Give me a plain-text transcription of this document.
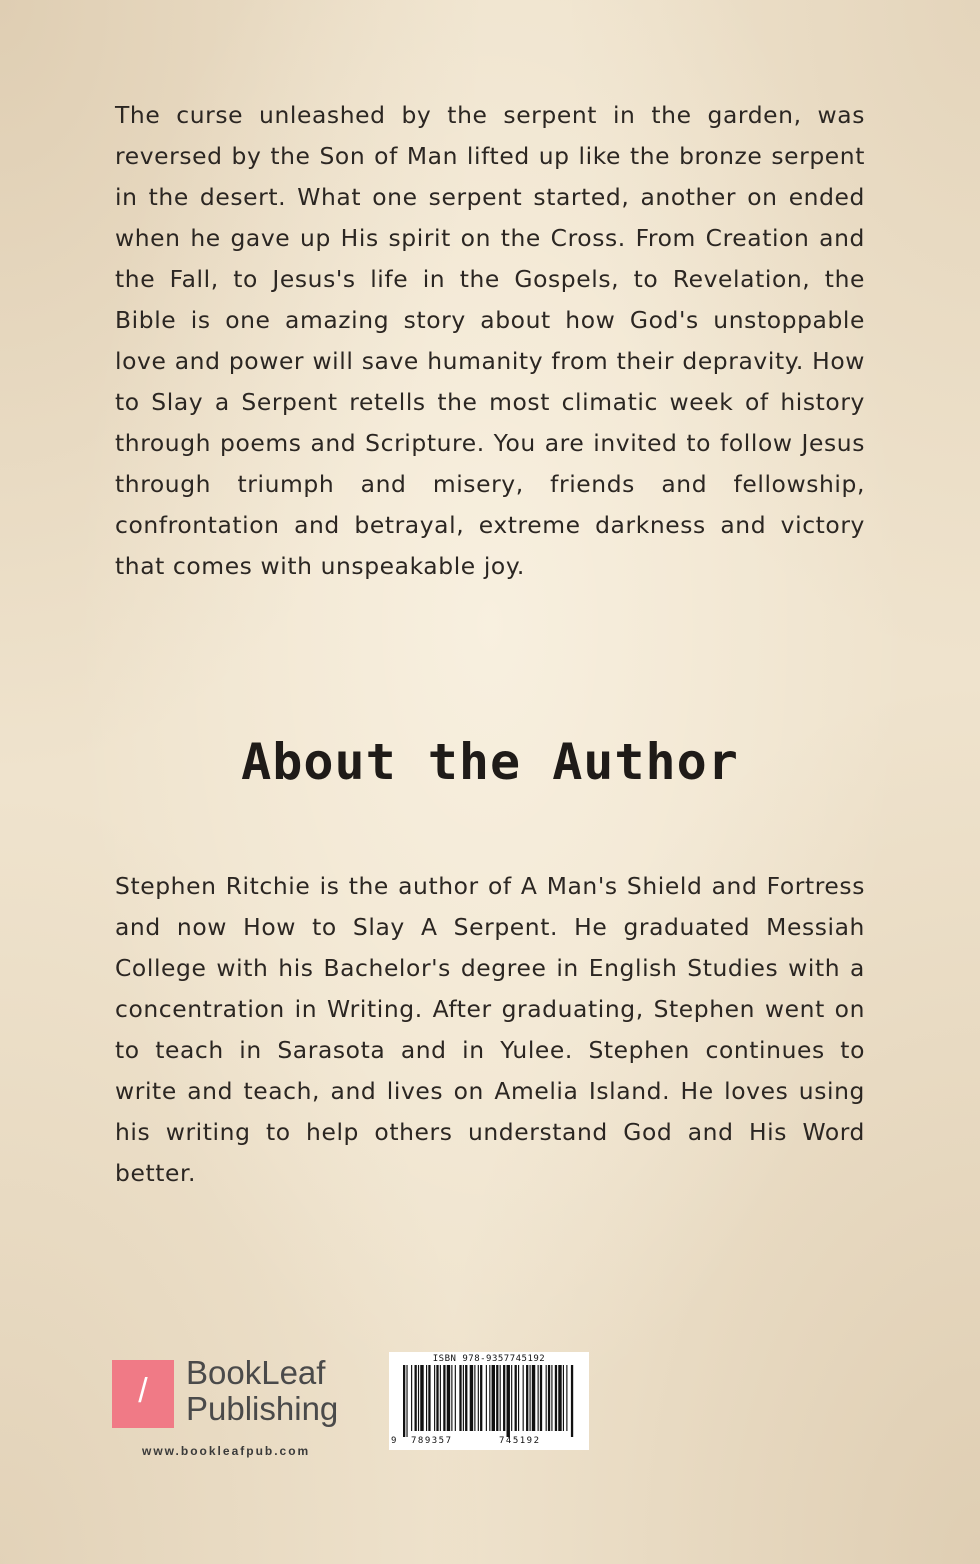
The curse unleashed by the serpent in the garden, was reversed by the Son of Man lifted up like the bronze serpent in the desert. What one serpent started, another on ended when he gave up His spirit on the Cross. From Creation and the Fall, to Jesus's life in the Gospels, to Revelation, the Bible is one amazing story about how God's unstoppable love and power will save humanity from their depravity. How to Slay a Serpent retells the most climatic week of history through poems and Scripture. You are invited to follow Jesus through triumph and misery, friends and fellowship, confrontation and betrayal, extreme darkness and victory that comes with unspeakable joy.

About the Author

Stephen Ritchie is the author of A Man's Shield and Fortress and now How to Slay A Serpent. He graduated Messiah College with his Bachelor's degree in English Studies with a concentration in Writing. After graduating, Stephen went on to teach in Sarasota and in Yulee. Stephen continues to write and teach, and lives on Amelia Island. He loves using his writing to help others understand God and His Word better.

/	BookLeaf
Publishing
www.bookleafpub.com
ISBN 978-9357745192
9 789357	745192
